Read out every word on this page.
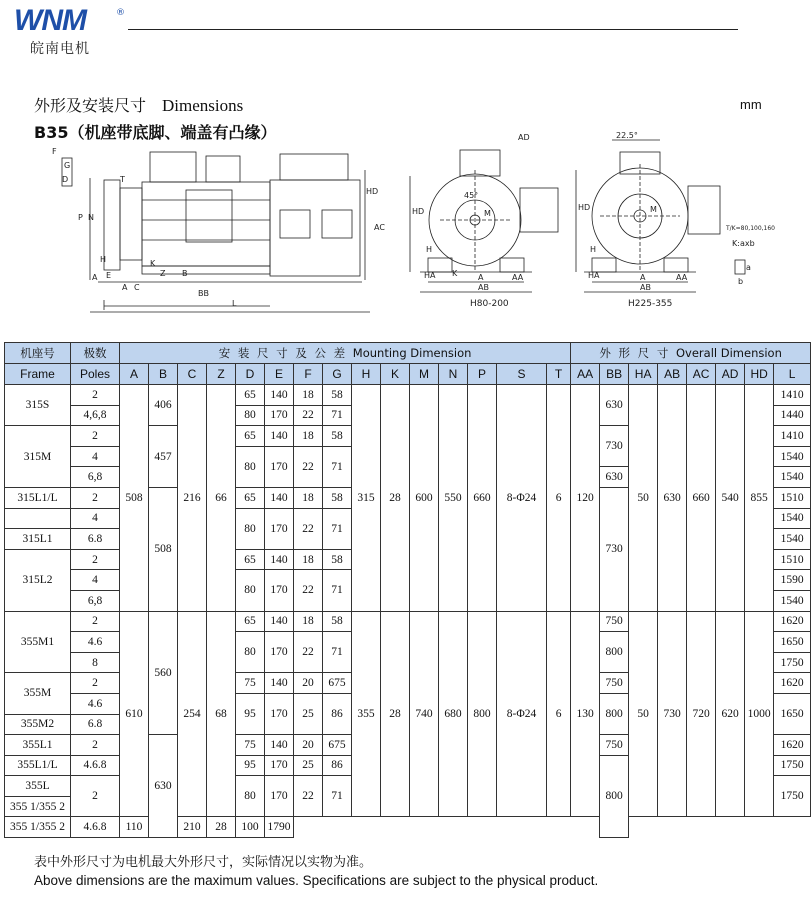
WNM	®
皖南电机
外形及安装尺寸 Dimensions	mm
B35（机座带底脚、端盖有凸缘）
F
G
D
E
C
B
BB
L
A
T
P N
HD
AC
Z
K
H
A
AD
HD
45°
H
HA K	AA
AB
A
M
H80-200
22.5°
HD
H
HA	A
AB
AA
M
H225-355
T/K=80,100,160
K:axb
a
b
机座号	极数	安 装 尺 寸 及 公 差 Mounting Dimension															外 形 尺 寸 Overall Dimension							
Frame	Poles	A	B	C	Z	D	E	F	G	H	K	M	N	P	S	T	AA	BB	HA	AB	AC	AD	HD	L
315S	2	508	406	216	66	65	140	18	58	315	28	600	550	660	8-Φ24	6	120	630	50	630	660	540	855	1410
	4,6,8					80	170	22	71															1440
315M	2		457			65	140	18	58									730						1410
	4					80	170	22	71															1540
	6,8																	630						1540
315L1/L	2		508			65	140	18	58									730						1510
	4					80	170	22	71															1540
315L1	6.8																							1540
315L2	2					65	140	18	58															1510
	4					80	170	22	71															1590
	6,8																							1540
355M1	2	610	560	254	68	65	140	18	58	355	28	740	680	800	8-Φ24	6	130	750	50	730	720	620	1000	1620
	4.6					80	170	22	71									800						1650
	8																							1750
355M	2					75	140	20	675									750						1620
	4.6					95	170	25	86									800						1650
355M2	6.8																							
355L1	2		630			75	140	20	675									750						1620
355L1/L	4.6.8					95	170	25	86									800						1750
355L	2					80	170	22	71															1750
355 1/355 2																								
355 1/355 2	4.6.8	110		210	28	100	1790																	
表中外形尺寸为电机最大外形尺寸，实际情况以实物为准。
Above dimensions are the maximum values. Specifications are subject to the physical product.
